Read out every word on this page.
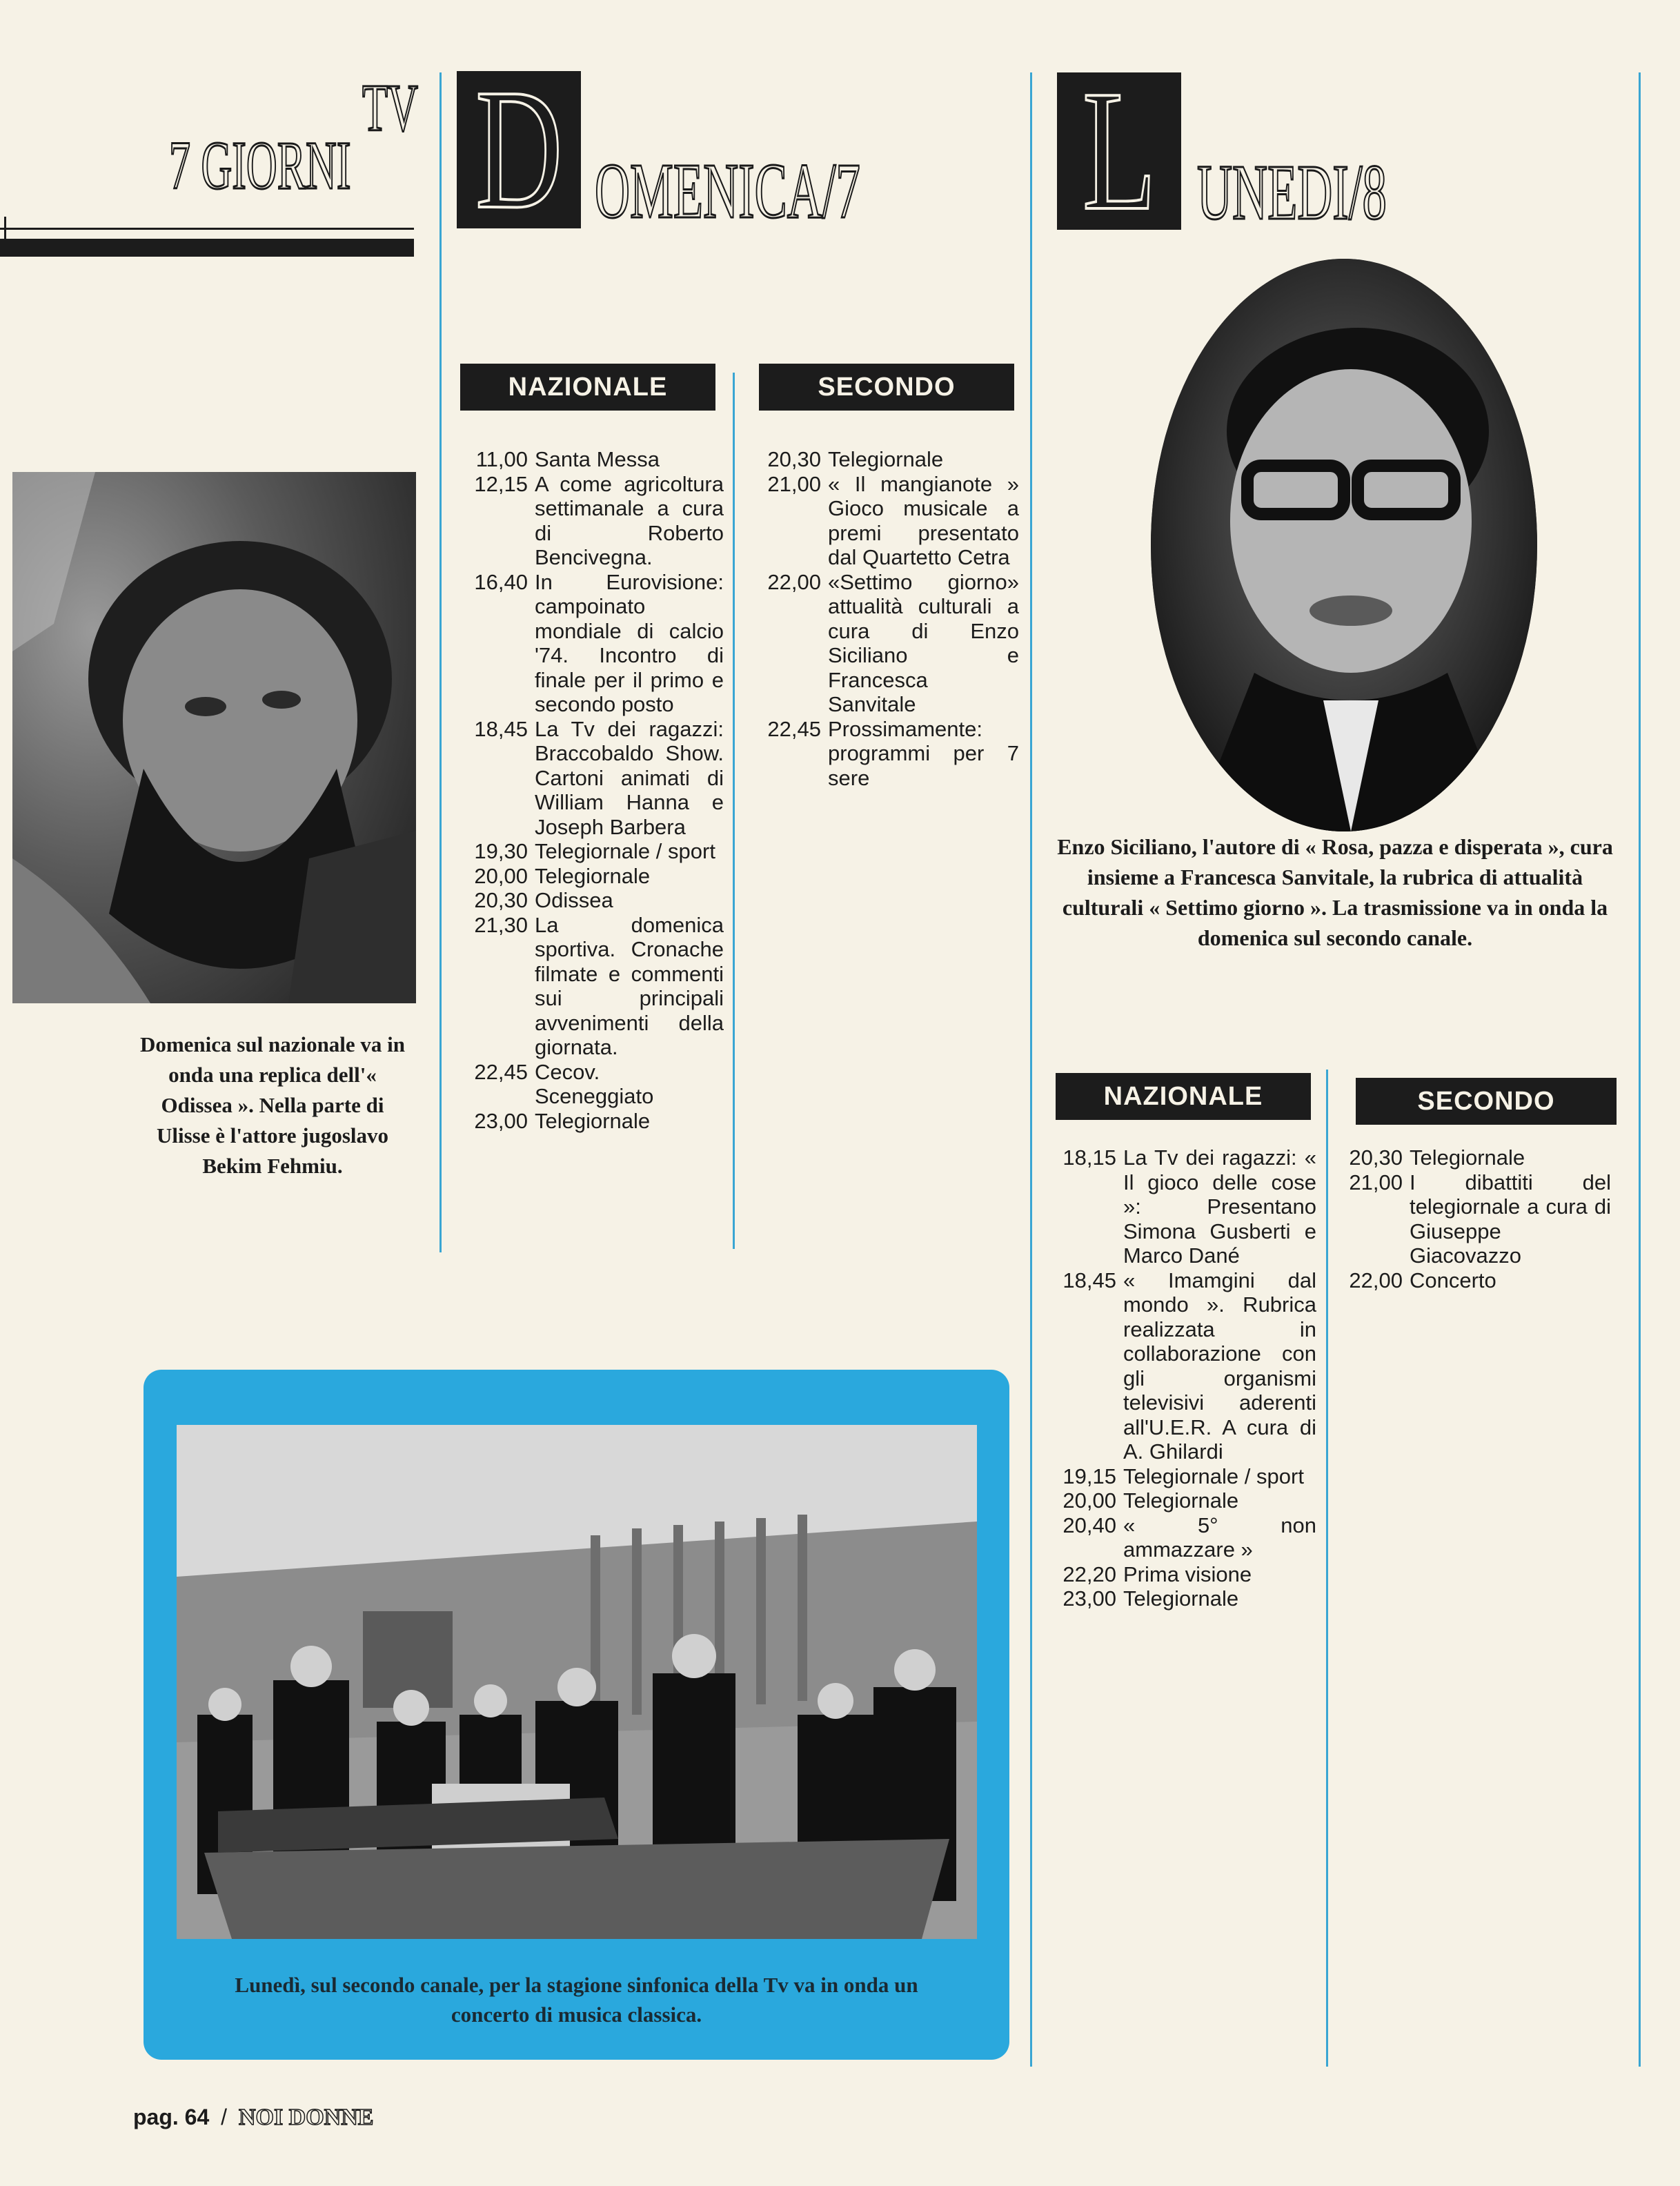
TV
7 GIORNI D OMENICA/7 L UNEDI/8
Domenica sul nazionale va in onda una replica dell'« Odissea ». Nella parte di Ulisse è l'attore jugoslavo Bekim Fehmiu.
NAZIONALE	SECONDO
11,00 Santa Messa
12,15 A come agricoltura settimanale a cura di Roberto Bencivegna.
16,40 In Eurovisione: campoinato mondiale di calcio '74. Incontro di finale per il primo e secondo posto
18,45 La Tv dei ragazzi: Braccobaldo Show. Cartoni animati di William Hanna e Joseph Barbera
19,30 Telegiornale / sport
20,00 Telegiornale
20,30 Odissea
21,30 La domenica sportiva. Cronache filmate e commenti sui principali avvenimenti della giornata.
22,45 Cecov. Sceneggiato
23,00 Telegiornale
20,30 Telegiornale
21,00 « Il mangianote » Gioco musicale a premi presentato dal Quartetto Cetra
22,00 «Settimo giorno» attualità culturali a cura di Enzo Siciliano e Francesca Sanvitale
22,45 Prossimamente: programmi per 7 sere
Enzo Siciliano, l'autore di « Rosa, pazza e disperata », cura insieme a Francesca Sanvitale, la rubrica di attualità culturali « Settimo giorno ». La trasmissione va in onda la domenica sul secondo canale.
NAZIONALE	SECONDO
18,15 La Tv dei ragazzi: « Il gioco delle cose »: Presentano Simona Gusberti e Marco Dané
18,45 « Imamgini dal mondo ». Rubrica realizzata in collaborazione con gli organismi televisivi aderenti all'U.E.R. A cura di A. Ghilardi
19,15 Telegiornale / sport
20,00 Telegiornale
20,40 « 5° non ammazzare »
22,20 Prima visione
23,00 Telegiornale
20,30 Telegiornale
21,00 I dibattiti del telegiornale a cura di Giuseppe Giacovazzo
22,00 Concerto
Lunedì, sul secondo canale, per la stagione sinfonica della Tv va in onda un concerto di musica classica.
pag. 64 / NOI DONNE
